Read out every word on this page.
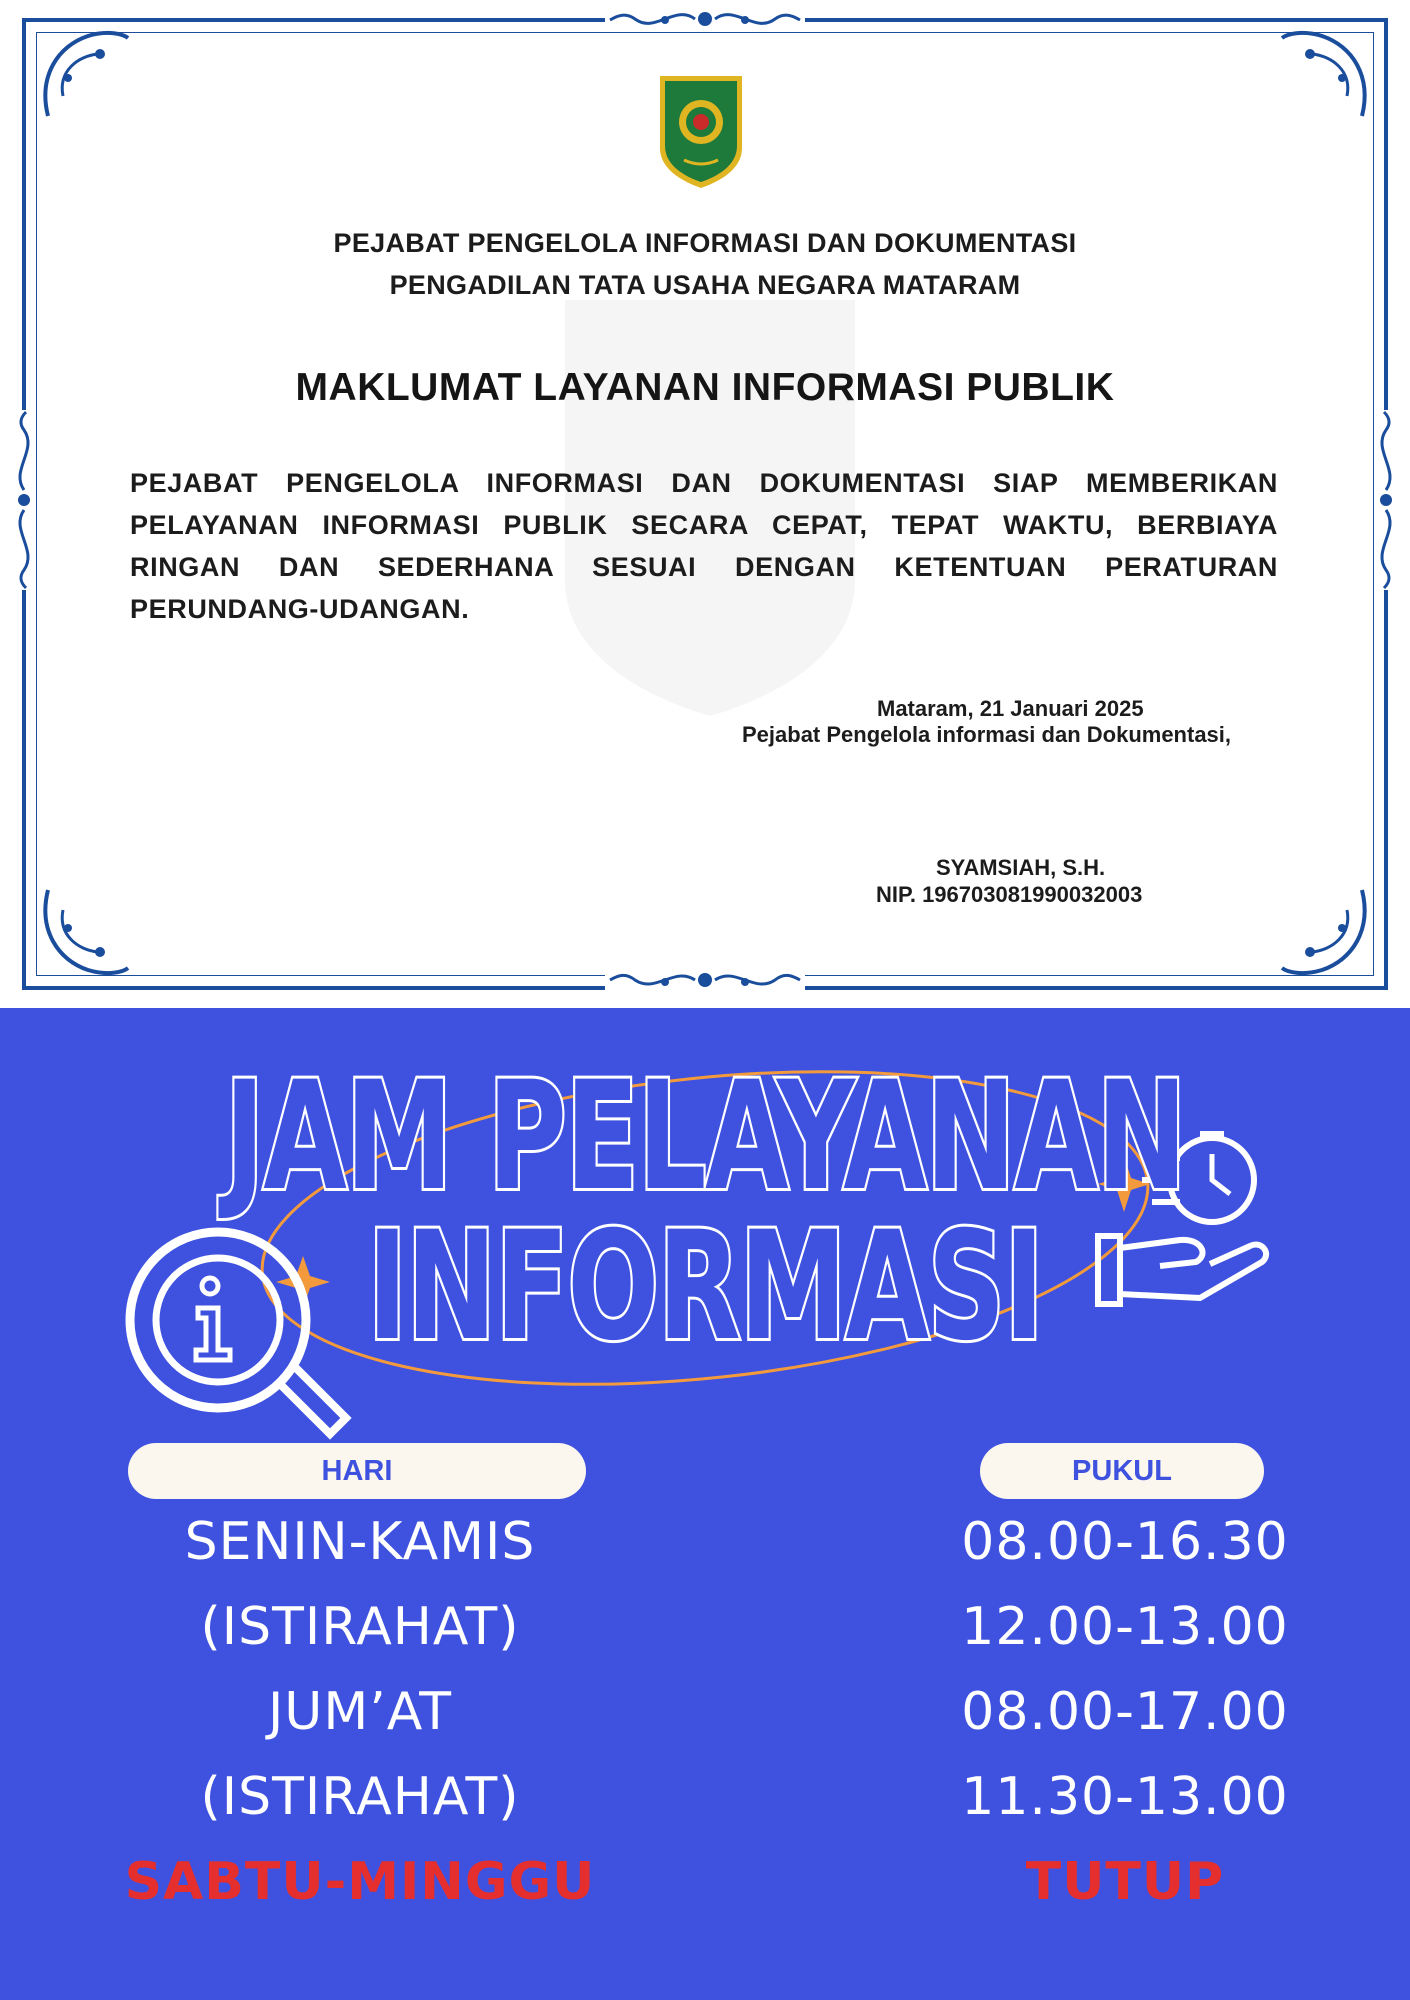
PEJABAT PENGELOLA INFORMASI DAN DOKUMENTASI
PENGADILAN TATA USAHA NEGARA MATARAM
MAKLUMAT LAYANAN INFORMASI PUBLIK
PEJABAT PENGELOLA INFORMASI DAN DOKUMENTASI SIAP MEMBERIKAN PELAYANAN INFORMASI PUBLIK SECARA CEPAT, TEPAT WAKTU, BERBIAYA RINGAN DAN SEDERHANA SESUAI DENGAN KETENTUAN PERATURAN PERUNDANG-UDANGAN.
Mataram, 21 Januari 2025
Pejabat Pengelola informasi dan Dokumentasi,
SYAMSIAH, S.H.
NIP. 196703081990032003
JAM PELAYANAN
INFORMASI
HARI	PUKUL
SENIN-KAMIS
(ISTIRAHAT)
JUM’AT
(ISTIRAHAT)
SABTU-MINGGU
08.00-16.30
12.00-13.00
08.00-17.00
11.30-13.00
TUTUP
